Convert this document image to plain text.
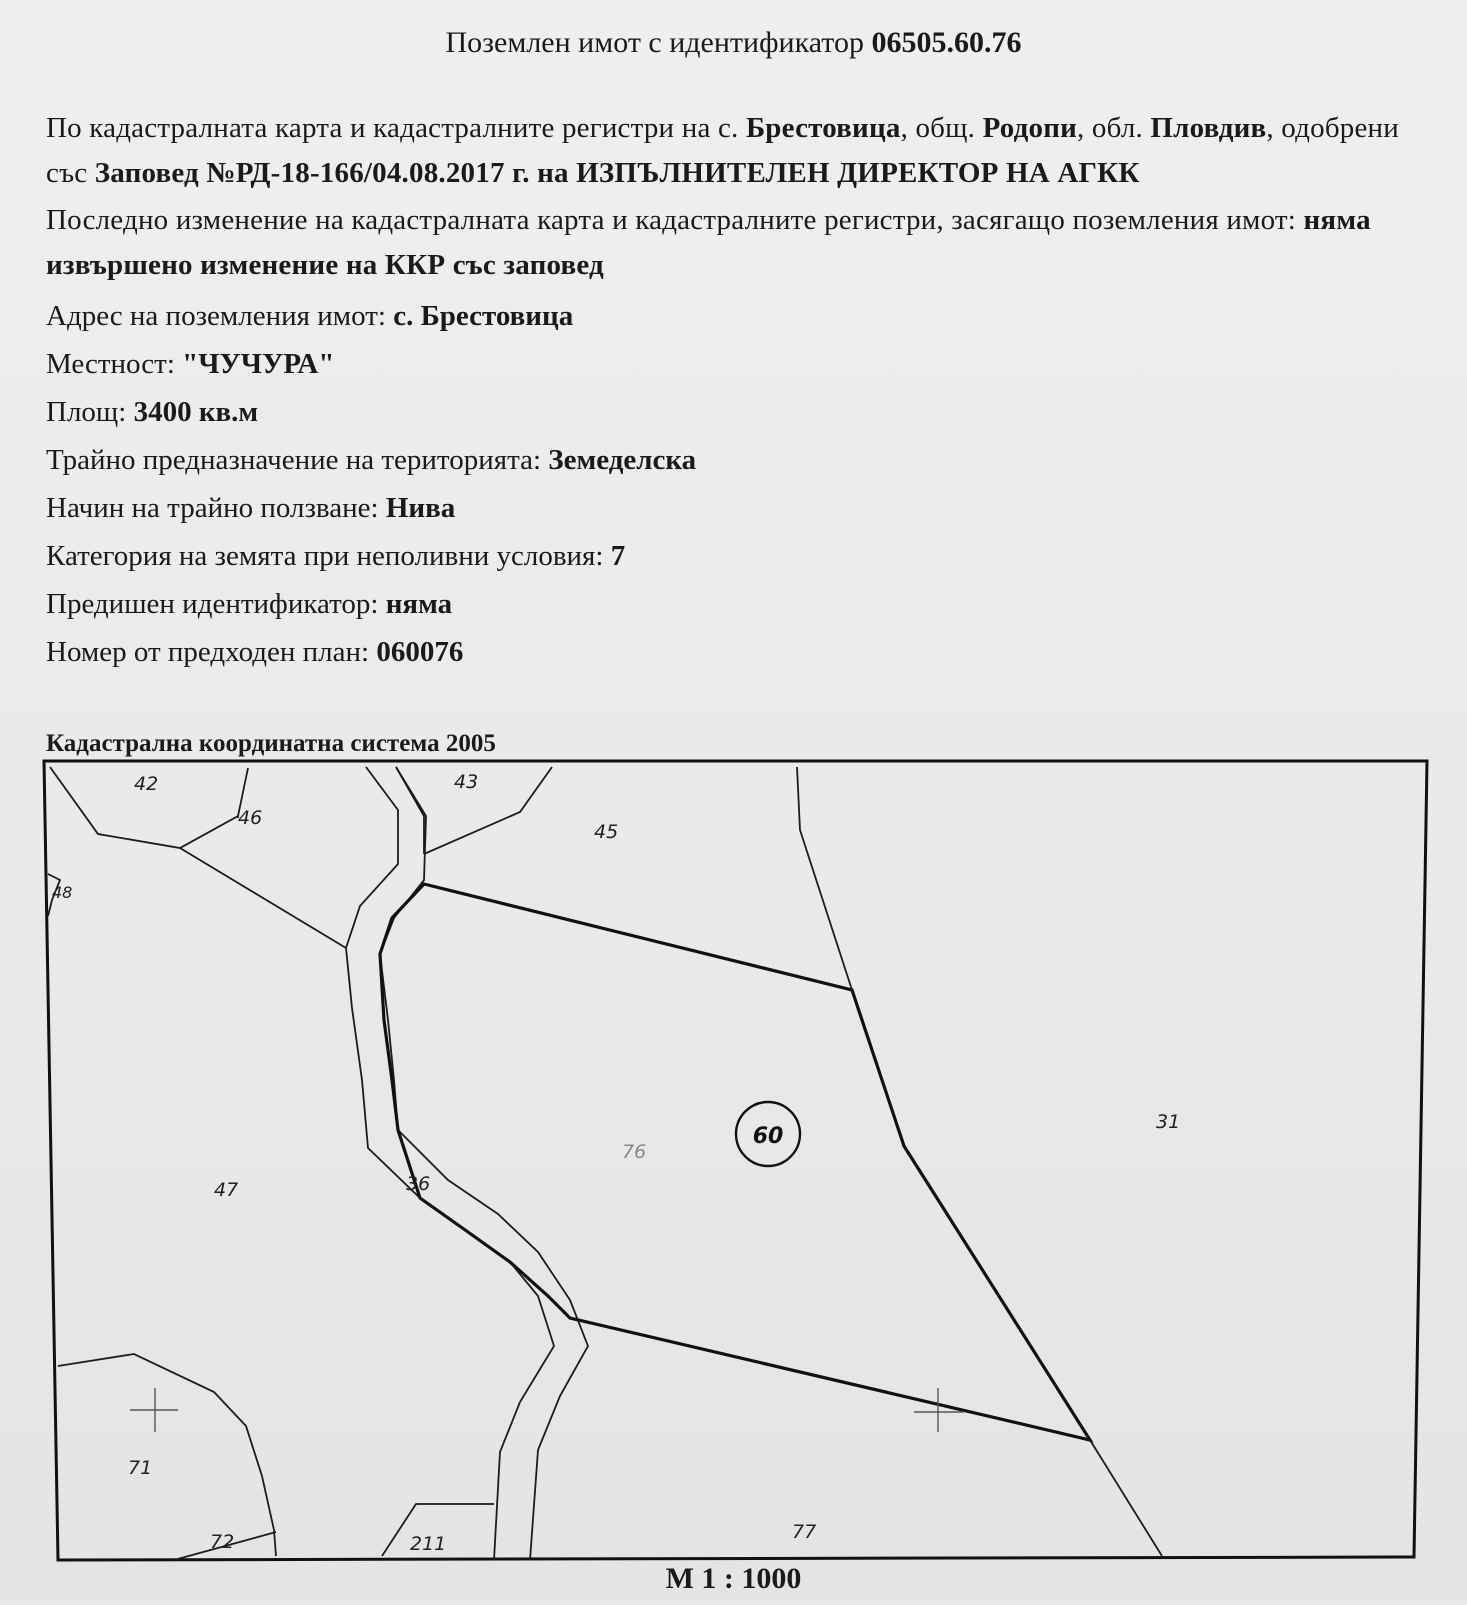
Поземлен имот с идентификатор 06505.60.76
По кадастралната карта и кадастралните регистри на с. Брестовица, общ. Родопи, обл. Пловдив, одобрени със Заповед №РД-18-166/04.08.2017 г. на ИЗПЪЛНИТЕЛЕН ДИРЕКТОР НА АГКК
Последно изменение на кадастралната карта и кадастралните регистри, засягащо поземления имот: няма извършено изменение на ККР със заповед
Адрес на поземления имот: с. Брестовица
Местност: "ЧУЧУРА"
Площ: 3400 кв.м
Трайно предназначение на територията: Земеделска
Начин на трайно ползване: Нива
Категория на земята при неполивни условия: 7
Предишен идентификатор: няма
Номер от предходен план: 060076
Кадастрална координатна система 2005
60
42	43
45
46
48
47	36
76
31
71
72	211
77
М 1 : 1000
